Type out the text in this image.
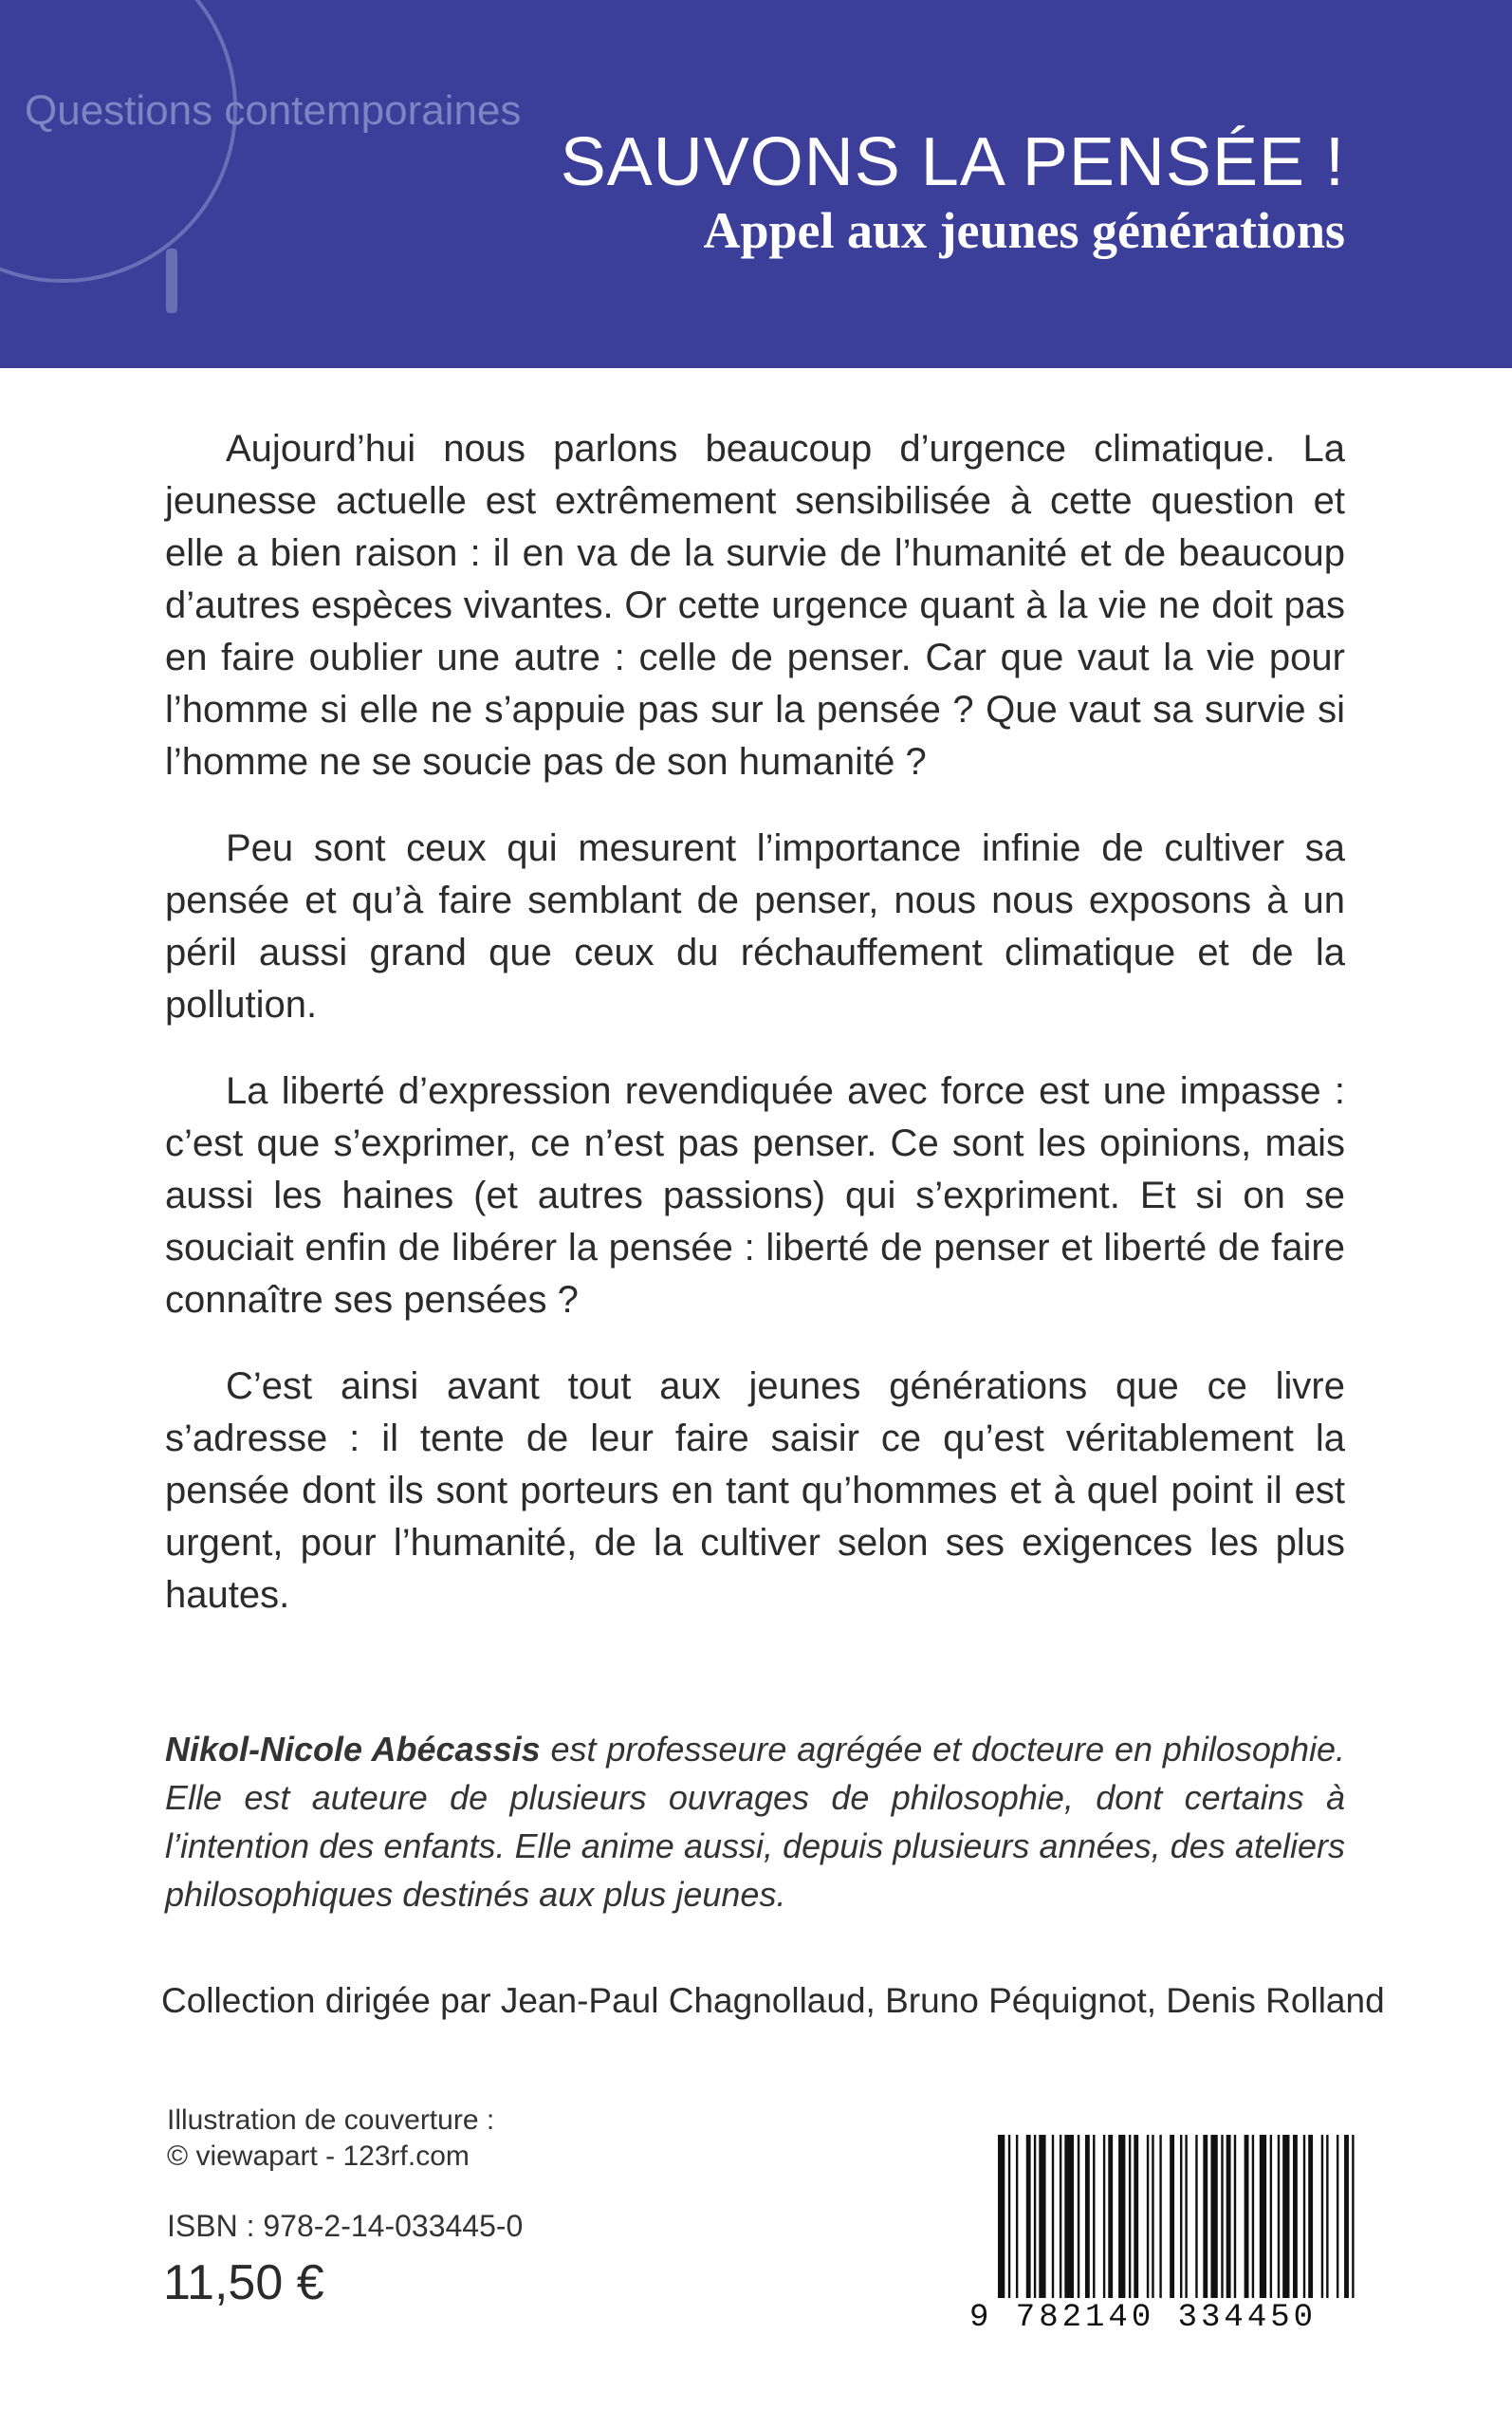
Questions contemporaines
SAUVONS LA PENSÉE !
Appel aux jeunes générations

Aujourd’hui nous parlons beaucoup d’urgence climatique. La jeunesse actuelle est extrêmement sensibilisée à cette question et elle a bien raison : il en va de la survie de l’humanité et de beaucoup d’autres espèces vivantes. Or cette urgence quant à la vie ne doit pas en faire oublier une autre : celle de penser. Car que vaut la vie pour l’homme si elle ne s’appuie pas sur la pensée ? Que vaut sa survie si l’homme ne se soucie pas de son humanité ?

Peu sont ceux qui mesurent l’importance infinie de cultiver sa pensée et qu’à faire semblant de penser, nous nous exposons à un péril aussi grand que ceux du réchauffement climatique et de la pollution.

La liberté d’expression revendiquée avec force est une impasse : c’est que s’exprimer, ce n’est pas penser. Ce sont les opinions, mais aussi les haines (et autres passions) qui s’expriment. Et si on se souciait enfin de libérer la pensée : liberté de penser et liberté de faire connaître ses pensées ?

C’est ainsi avant tout aux jeunes générations que ce livre s’adresse : il tente de leur faire saisir ce qu’est véritablement la pensée dont ils sont porteurs en tant qu’hommes et à quel point il est urgent, pour l’humanité, de la cultiver selon ses exigences les plus hautes.

Nikol-Nicole Abécassis est professeure agrégée et docteure en philosophie. Elle est auteure de plusieurs ouvrages de philosophie, dont certains à l’intention des enfants. Elle anime aussi, depuis plusieurs années, des ateliers philosophiques destinés aux plus jeunes.
Collection dirigée par Jean-Paul Chagnollaud, Bruno Péquignot, Denis Rolland
Illustration de couverture :
© viewapart - 123rf.com
ISBN : 978-2-14-033445-0
11,50 €
9 782140 334450
